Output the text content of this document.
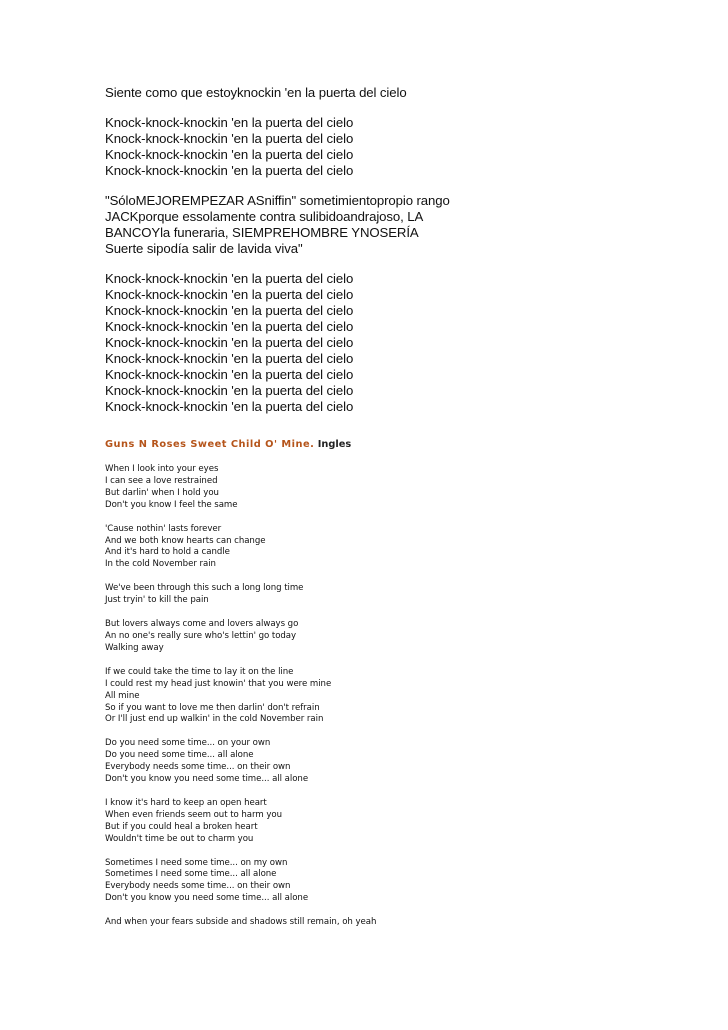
Siente como que estoyknockin 'en la puerta del cielo

Knock-knock-knockin 'en la puerta del cielo
Knock-knock-knockin 'en la puerta del cielo
Knock-knock-knockin 'en la puerta del cielo
Knock-knock-knockin 'en la puerta del cielo

"SóloMEJOREMPEZAR ASniffin" sometimientopropio rango
JACKporque essolamente contra sulibidoandrajoso, LA
BANCOYla funeraria, SIEMPREHOMBRE YNOSERÍA
Suerte sipodía salir de lavida viva"

Knock-knock-knockin 'en la puerta del cielo
Knock-knock-knockin 'en la puerta del cielo
Knock-knock-knockin 'en la puerta del cielo
Knock-knock-knockin 'en la puerta del cielo
Knock-knock-knockin 'en la puerta del cielo
Knock-knock-knockin 'en la puerta del cielo
Knock-knock-knockin 'en la puerta del cielo
Knock-knock-knockin 'en la puerta del cielo
Knock-knock-knockin 'en la puerta del cielo

Guns N Roses Sweet Child O' Mine. Ingles

When I look into your eyes
I can see a love restrained
But darlin' when I hold you
Don't you know I feel the same

'Cause nothin' lasts forever
And we both know hearts can change
And it's hard to hold a candle
In the cold November rain

We've been through this such a long long time
Just tryin' to kill the pain

But lovers always come and lovers always go
An no one's really sure who's lettin' go today
Walking away

If we could take the time to lay it on the line
I could rest my head just knowin' that you were mine
All mine
So if you want to love me then darlin' don't refrain
Or I'll just end up walkin' in the cold November rain

Do you need some time... on your own
Do you need some time... all alone
Everybody needs some time... on their own
Don't you know you need some time... all alone

I know it's hard to keep an open heart
When even friends seem out to harm you
But if you could heal a broken heart
Wouldn't time be out to charm you

Sometimes I need some time... on my own
Sometimes I need some time... all alone
Everybody needs some time... on their own
Don't you know you need some time... all alone

And when your fears subside and shadows still remain, oh yeah
